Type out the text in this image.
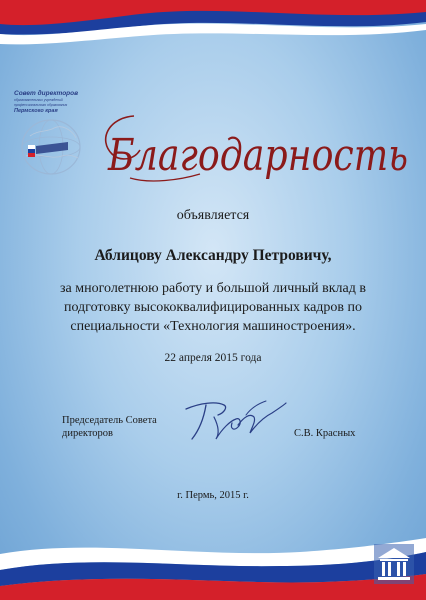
Совет директоров
образовательных учреждений
профессионального образования
Пермского края
Благодарность
объявляется
Аблицову Александру Петровичу,
за многолетнюю работу и большой личный вклад в
подготовку высококвалифицированных кадров по
специальности «Технология машиностроения».
22 апреля 2015 года
Председатель Совета
директоров	С.В. Красных
г. Пермь, 2015 г.
